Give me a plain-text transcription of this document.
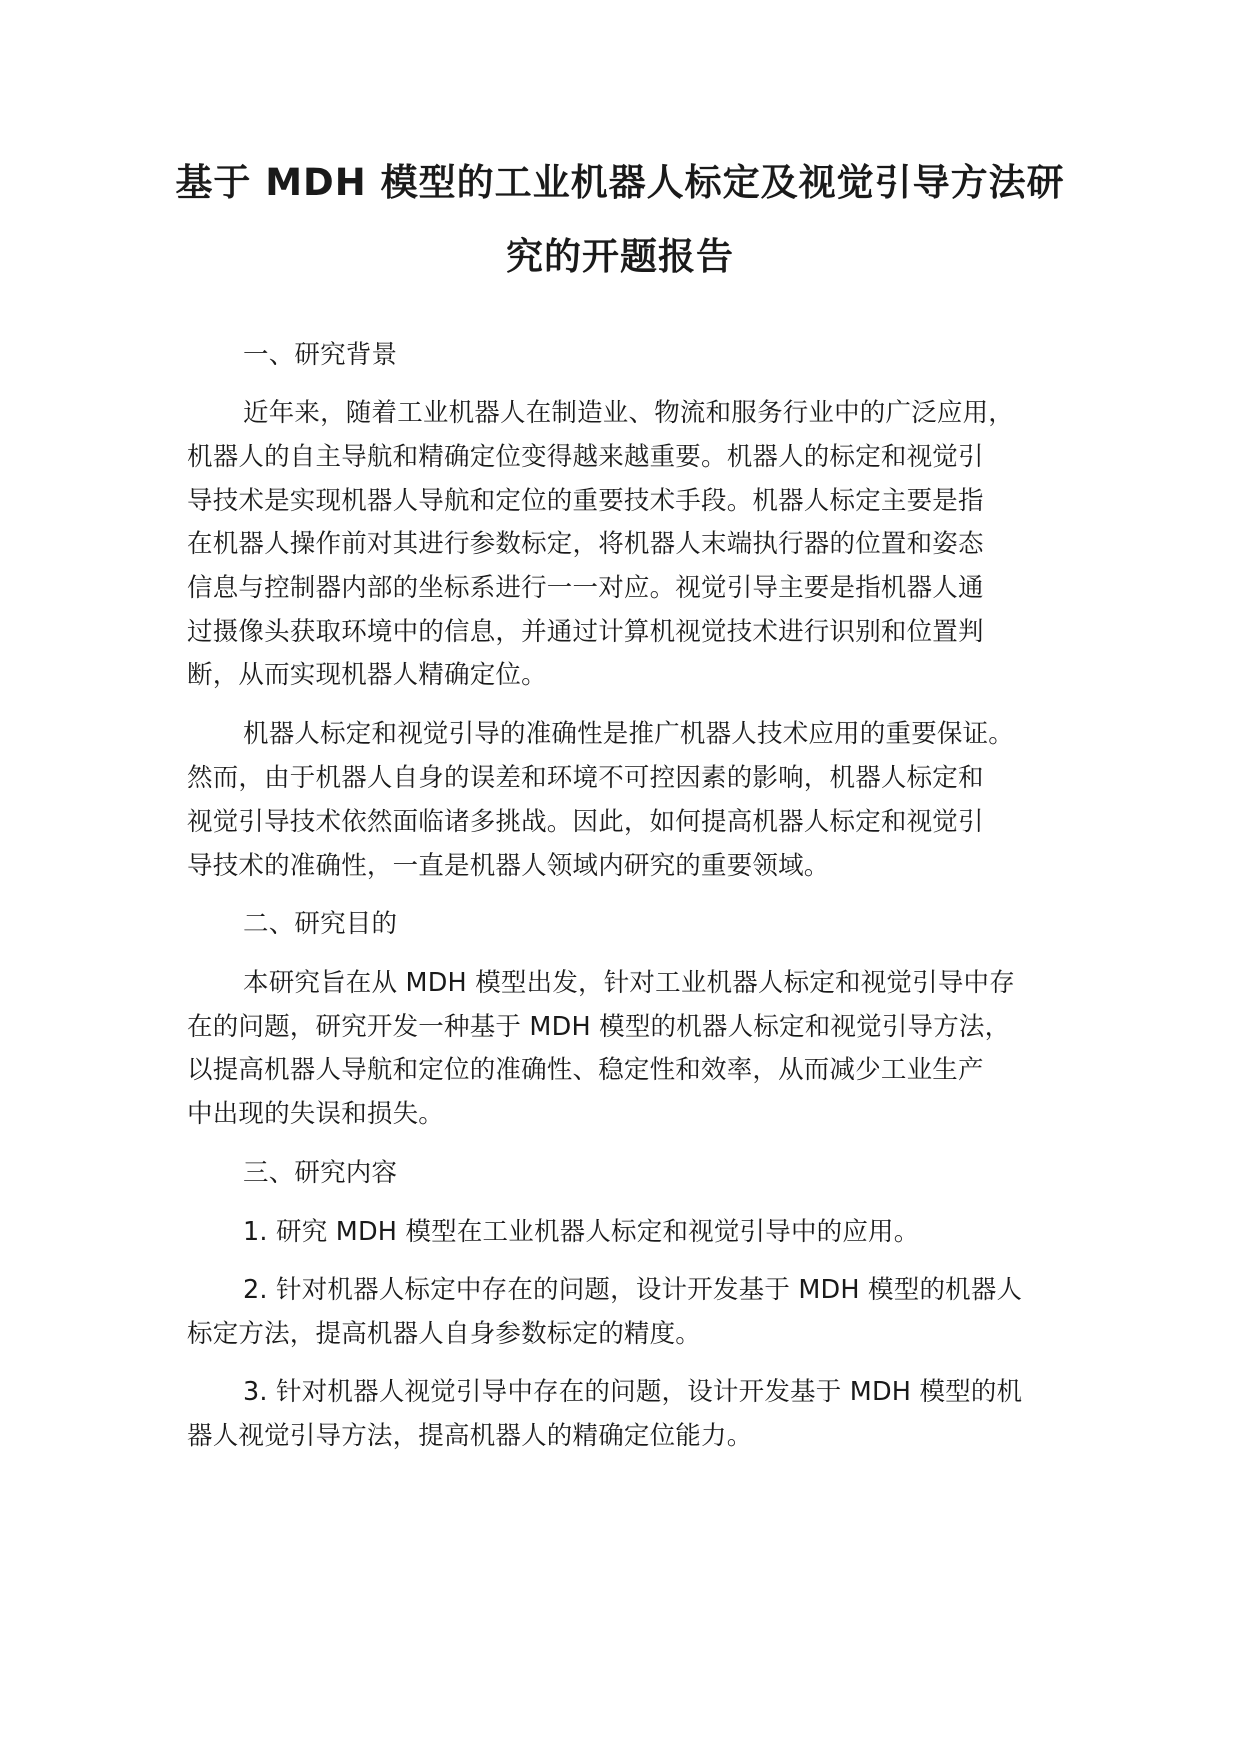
基于 MDH 模型的工业机器人标定及视觉引导方法研
究的开题报告
一、研究背景
近年来，随着工业机器人在制造业、物流和服务行业中的广泛应用，
机器人的自主导航和精确定位变得越来越重要。机器人的标定和视觉引
导技术是实现机器人导航和定位的重要技术手段。机器人标定主要是指
在机器人操作前对其进行参数标定，将机器人末端执行器的位置和姿态
信息与控制器内部的坐标系进行一一对应。视觉引导主要是指机器人通
过摄像头获取环境中的信息，并通过计算机视觉技术进行识别和位置判
断，从而实现机器人精确定位。
机器人标定和视觉引导的准确性是推广机器人技术应用的重要保证。
然而，由于机器人自身的误差和环境不可控因素的影响，机器人标定和
视觉引导技术依然面临诸多挑战。因此，如何提高机器人标定和视觉引
导技术的准确性，一直是机器人领域内研究的重要领域。
二、研究目的
本研究旨在从 MDH 模型出发，针对工业机器人标定和视觉引导中存
在的问题，研究开发一种基于 MDH 模型的机器人标定和视觉引导方法，
以提高机器人导航和定位的准确性、稳定性和效率，从而减少工业生产
中出现的失误和损失。
三、研究内容
1. 研究 MDH 模型在工业机器人标定和视觉引导中的应用。
2. 针对机器人标定中存在的问题，设计开发基于 MDH 模型的机器人
标定方法，提高机器人自身参数标定的精度。
3. 针对机器人视觉引导中存在的问题，设计开发基于 MDH 模型的机
器人视觉引导方法，提高机器人的精确定位能力。
